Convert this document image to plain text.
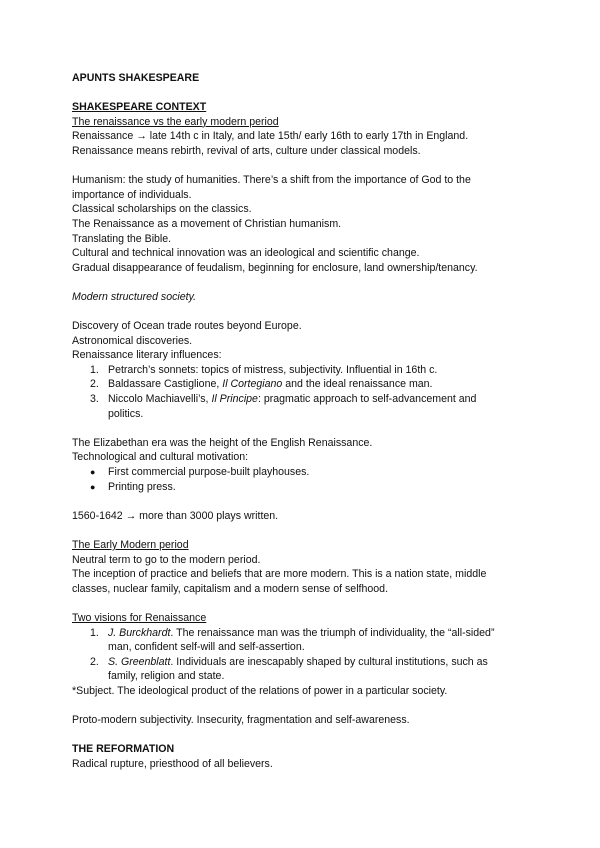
APUNTS SHAKESPEARE
SHAKESPEARE CONTEXT
The renaissance vs the early modern period
Renaissance → late 14th c in Italy, and late 15th/ early 16th to early 17th in England.
Renaissance means rebirth, revival of arts, culture under classical models.
Humanism: the study of humanities. There’s a shift from the importance of God to the
importance of individuals.
Classical scholarships on the classics.
The Renaissance as a movement of Christian humanism.
Translating the Bible.
Cultural and technical innovation was an ideological and scientific change.
Gradual disappearance of feudalism, beginning for enclosure, land ownership/tenancy.
Modern structured society.
Discovery of Ocean trade routes beyond Europe.
Astronomical discoveries.
Renaissance literary influences:
1. Petrarch’s sonnets: topics of mistress, subjectivity. Influential in 16th c.
2. Baldassare Castiglione, Il Cortegiano and the ideal renaissance man.
3. Niccolo Machiavelli’s, Il Principe: pragmatic approach to self-advancement and
politics.
The Elizabethan era was the height of the English Renaissance.
Technological and cultural motivation:
● First commercial purpose-built playhouses.
● Printing press.
1560-1642 → more than 3000 plays written.
The Early Modern period
Neutral term to go to the modern period.
The inception of practice and beliefs that are more modern. This is a nation state, middle
classes, nuclear family, capitalism and a modern sense of selfhood.
Two visions for Renaissance
1. J. Burckhardt. The renaissance man was the triumph of individuality, the “all-sided”
man, confident self-will and self-assertion.
2. S. Greenblatt. Individuals are inescapably shaped by cultural institutions, such as
family, religion and state.
*Subject. The ideological product of the relations of power in a particular society.
Proto-modern subjectivity. Insecurity, fragmentation and self-awareness.
THE REFORMATION
Radical rupture, priesthood of all believers.
